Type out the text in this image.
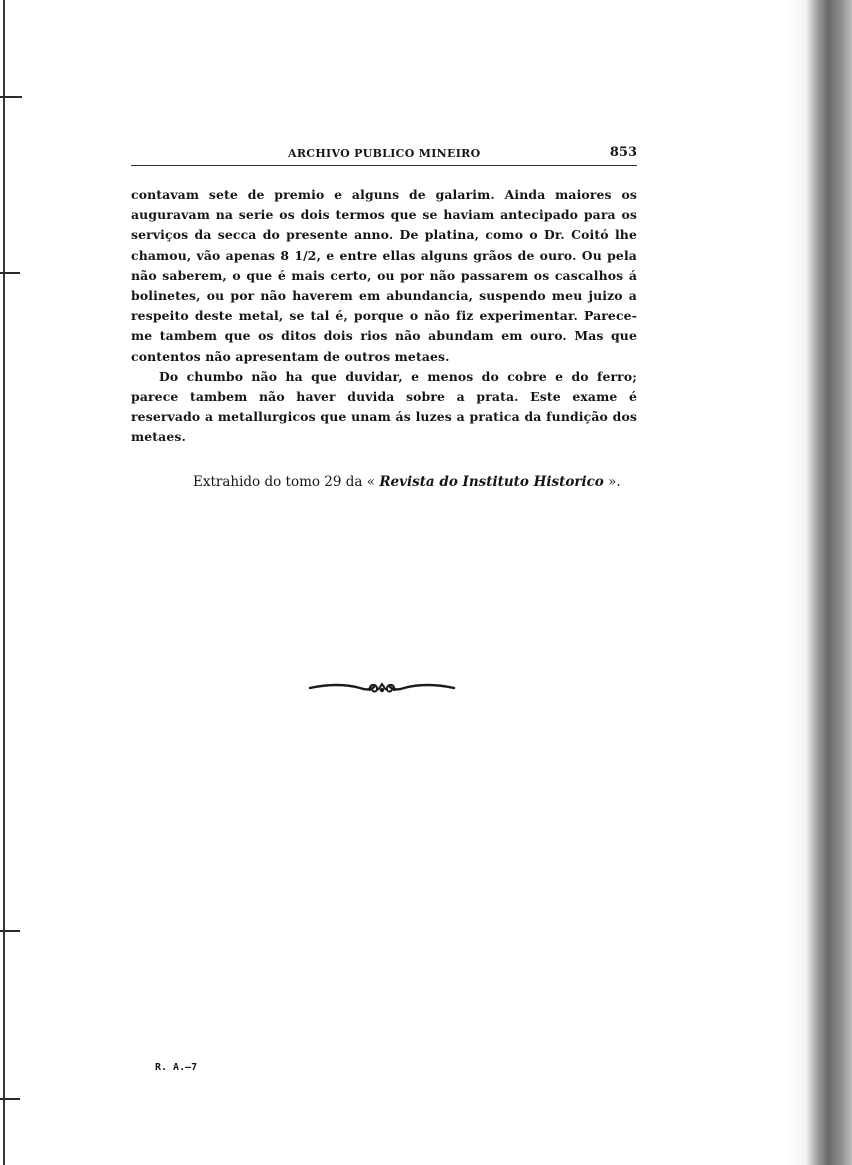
ARCHIVO PUBLICO MINEIRO	853

contavam sete de premio e alguns de galarim. Ainda maiores os auguravam na serie os dois termos que se haviam antecipado para os serviços da secca do presente anno. De platina, como o Dr. Coitó lhe chamou, vão apenas 8 1/2, e entre ellas alguns grãos de ouro. Ou pela não saberem, o que é mais certo, ou por não passarem os cascalhos á bolinetes, ou por não haverem em abundancia, suspendo meu juizo a respeito deste metal, se tal é, porque o não fiz experimentar. Parece-me tambem que os ditos dois rios não abundam em ouro. Mas que contentos não apresentam de outros metaes.

Do chumbo não ha que duvidar, e menos do cobre e do ferro; parece tambem não haver duvida sobre a prata. Este exame é reservado a metallurgicos que unam ás luzes a pratica da fundição dos metaes.

Extrahido do tomo 29 da « Revista do Instituto Historico ».
R. A.—7
